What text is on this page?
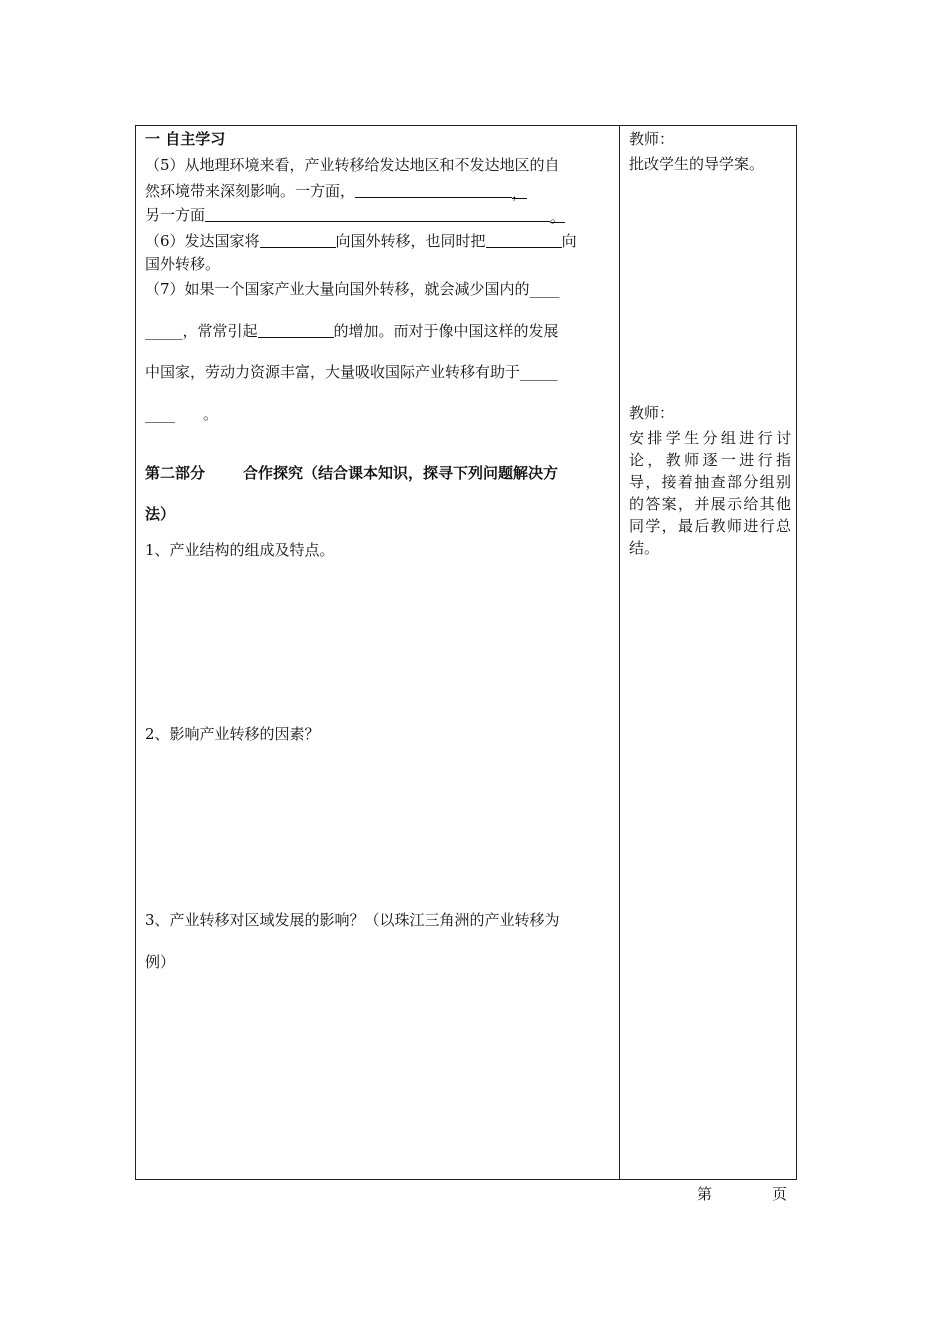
一 自主学习
（5）从地理环境来看，产业转移给发达地区和不发达地区的自
然环境带来深刻影响。一方面，	，
另一方面	。
（6）发达国家将	向国外转移，也同时把	向
国外转移。
（7）如果一个国家产业大量向国外转移，就会减少国内的____
_____，常常引起	的增加。而对于像中国这样的发展
中国家，劳动力资源丰富，大量吸收国际产业转移有助于_____
____ 。
第二部分	合作探究（结合课本知识，探寻下列问题解决方
法）
1、产业结构的组成及特点。
2、影响产业转移的因素？
3、产业转移对区域发展的影响？（以珠江三角洲的产业转移为
例）
教师：
批改学生的导学案。
教师：
安排学生分组进行讨论，教师逐一进行指导，接着抽查部分组别的答案，并展示给其他同学，最后教师进行总结。
第	页
